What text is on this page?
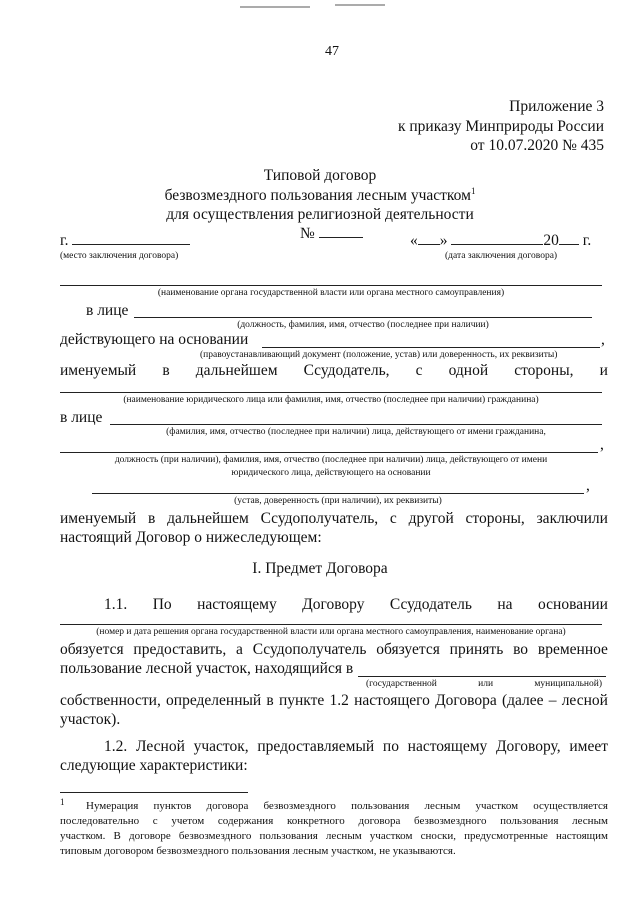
47
Приложение 3
к приказу Минприроды России
от 10.07.2020 № 435
Типовой договор
безвозмездного пользования лесным участком$^1$
для осуществления религиозной деятельности
№
г.
(место заключения договора)
« »	20 г.
(дата заключения договора)
(наименование органа государственной власти или органа местного самоуправления)
в лице
(должность, фамилия, имя, отчество (последнее при наличии)
действующего на основании	,
(правоустанавливающий документ (положение, устав) или доверенность, их реквизиты)
именуемый в дальнейшем Ссудодатель, с одной стороны, и
(наименование юридического лица или фамилия, имя, отчество (последнее при наличии) гражданина)
в лице
(фамилия, имя, отчество (последнее при наличии) лица, действующего от имени гражданина,
,
должность (при наличии), фамилия, имя, отчество (последнее при наличии) лица, действующего от имени
юридического лица, действующего на основании
,
(устав, доверенность (при наличии), их реквизиты)
именуемый в дальнейшем Ссудополучатель, с другой стороны, заключили
настоящий Договор о нижеследующем:
I. Предмет Договора
1.1. По настоящему Договору Ссудодатель на основании
(номер и дата решения органа государственной власти или органа местного самоуправления, наименование органа)
обязуется предоставить, а Ссудополучатель обязуется принять во временное
пользование лесной участок, находящийся в
(государственной	или	муниципальной)
собственности, определенный в пункте 1.2 настоящего Договора (далее – лесной
участок).
1.2. Лесной участок, предоставляемый по настоящему Договору, имеет
следующие характеристики:
1 Нумерация пунктов договора безвозмездного пользования лесным участком осуществляется
последовательно с учетом содержания конкретного договора безвозмездного пользования лесным
участком. В договоре безвозмездного пользования лесным участком сноски, предусмотренные настоящим
типовым договором безвозмездного пользования лесным участком, не указываются.
